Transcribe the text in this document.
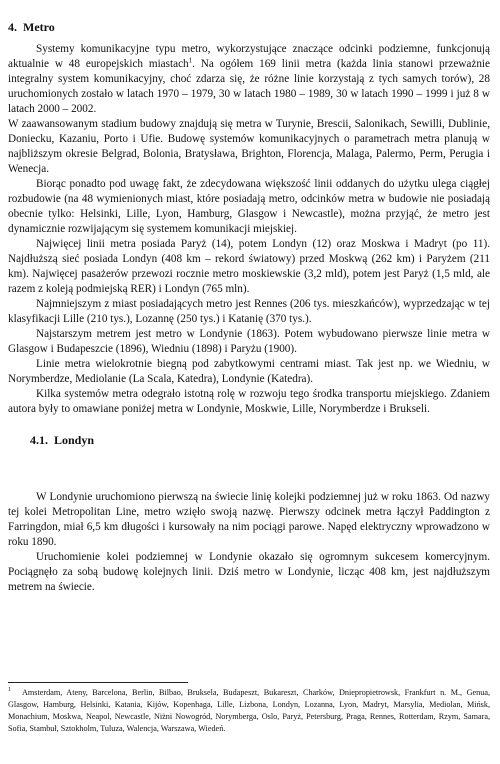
4. Metro

Systemy komunikacyjne typu metro, wykorzystujące znaczące odcinki podziemne, funkcjonują aktualnie w 48 europejskich miastach$^1$. Na ogółem 169 linii metra (każda linia stanowi przeważnie integralny system komunikacyjny, choć zdarza się, że różne linie korzystają z tych samych torów), 28 uruchomionych zostało w latach 1970 – 1979, 30 w latach 1980 – 1989, 30 w latach 1990 – 1999 i już 8 w latach 2000 – 2002.

W zaawansowanym stadium budowy znajdują się metra w Turynie, Brescii, Salonikach, Sewilli, Dublinie, Doniecku, Kazaniu, Porto i Ufie. Budowę systemów komunikacyjnych o parametrach metra planują w najbliższym okresie Belgrad, Bolonia, Bratysława, Brighton, Florencja, Malaga, Palermo, Perm, Perugia i Wenecja.

Biorąc ponadto pod uwagę fakt, że zdecydowana większość linii oddanych do użytku ulega ciągłej rozbudowie (na 48 wymienionych miast, które posiadają metro, odcinków metra w budowie nie posiadają obecnie tylko: Helsinki, Lille, Lyon, Hamburg, Glasgow i Newcastle), można przyjąć, że metro jest dynamicznie rozwijającym się systemem komunikacji miejskiej.

Najwięcej linii metra posiada Paryż (14), potem Londyn (12) oraz Moskwa i Madryt (po 11). Najdłuższą sieć posiada Londyn (408 km – rekord światowy) przed Moskwą (262 km) i Paryżem (211 km). Najwięcej pasażerów przewozi rocznie metro moskiewskie (3,2 mld), potem jest Paryż (1,5 mld, ale razem z koleją podmiejską RER) i Londyn (765 mln).

Najmniejszym z miast posiadających metro jest Rennes (206 tys. mieszkańców), wyprzedzając w tej klasyfikacji Lille (210 tys.), Lozannę (250 tys.) i Katanię (370 tys.).

Najstarszym metrem jest metro w Londynie (1863). Potem wybudowano pierwsze linie metra w Glasgow i Budapeszcie (1896), Wiedniu (1898) i Paryżu (1900).

Linie metra wielokrotnie biegną pod zabytkowymi centrami miast. Tak jest np. we Wiedniu, w Norymberdze, Mediolanie (La Scala, Katedra), Londynie (Katedra).

Kilka systemów metra odegrało istotną rolę w rozwoju tego środka transportu miejskiego. Zdaniem autora były to omawiane poniżej metra w Londynie, Moskwie, Lille, Norymberdze i Brukseli.

4.1. Londyn

W Londynie uruchomiono pierwszą na świecie linię kolejki podziemnej już w roku 1863. Od nazwy tej kolei Metropolitan Line, metro wzięło swoją nazwę. Pierwszy odcinek metra łączył Paddington z Farringdon, miał 6,5 km długości i kursowały na nim pociągi parowe. Napęd elektryczny wprowadzono w roku 1890.

Uruchomienie kolei podziemnej w Londynie okazało się ogromnym sukcesem komercyjnym. Pociągnęło za sobą budowę kolejnych linii. Dziś metro w Londynie, licząc 408 km, jest najdłuższym metrem na świecie.

1 Amsterdam, Ateny, Barcelona, Berlin, Bilbao, Bruksela, Budapeszt, Bukareszt, Charków, Dniepropietrowsk, Frankfurt n. M., Genua, Glasgow, Hamburg, Helsinki, Katania, Kijów, Kopenhaga, Lille, Lizbona, Londyn, Lozanna, Lyon, Madryt, Marsylia, Mediolan, Mińsk, Monachium, Moskwa, Neapol, Newcastle, Niżni Nowogród, Norymberga, Oslo, Paryż, Petersburg, Praga, Rennes, Rotterdam, Rzym, Samara, Sofia, Stambuł, Sztokholm, Tuluza, Walencja, Warszawa, Wiedeń.
